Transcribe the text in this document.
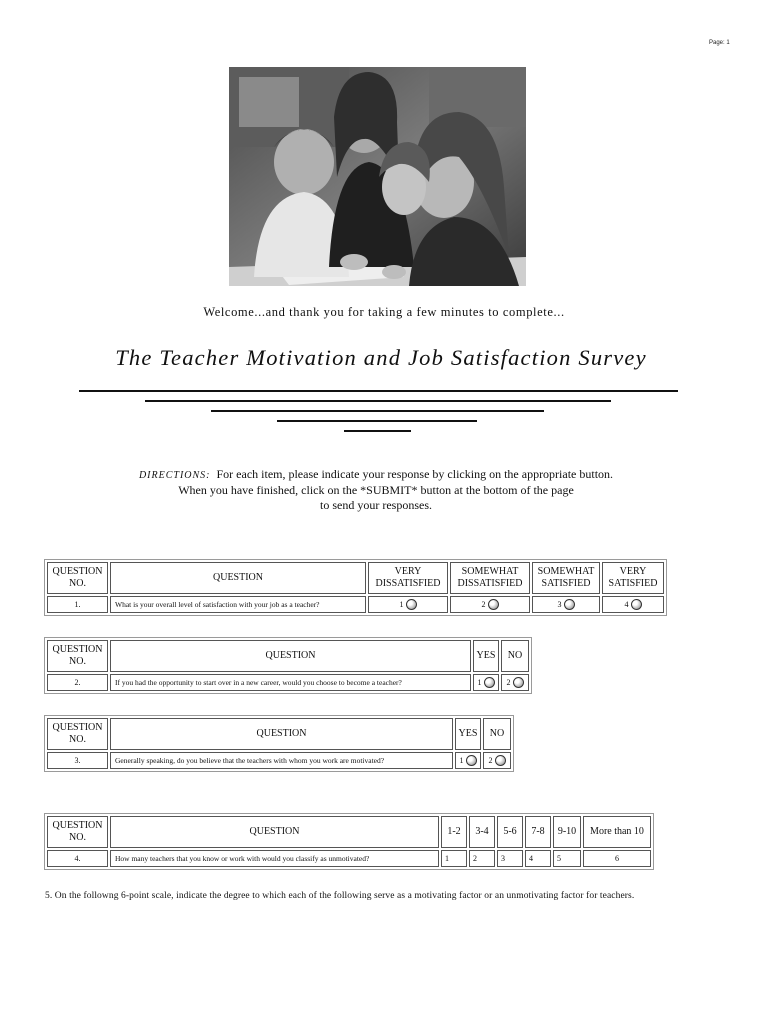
Page: 1
Welcome...and thank you for taking a few minutes to complete...
The Teacher Motivation and Job Satisfaction Survey
DIRECTIONS: For each item, please indicate your response by clicking on the appropriate button.
When you have finished, click on the *SUBMIT* button at the bottom of the page
to send your responses.
QUESTION NO.	QUESTION	VERY DISSATISFIED	SOMEWHAT DISSATISFIED	SOMEWHAT SATISFIED	VERY SATISFIED
1.	What is your overall level of satisfaction with your job as a teacher?	1	2	3	4
QUESTION NO.	QUESTION	YES	NO
2.	If you had the opportunity to start over in a new career, would you choose to become a teacher?	1	2
QUESTION NO.	QUESTION	YES	NO
3.	Generally speaking, do you believe that the teachers with whom you work are motivated?	1	2
QUESTION NO.	QUESTION	1-2	3-4	5-6	7-8	9-10	More than 10
4.	How many teachers that you know or work with would you classify as unmotivated?	1	2	3	4	5	6
5. On the followng 6-point scale, indicate the degree to which each of the following serve as a motivating factor or an unmotivating factor for teachers.
